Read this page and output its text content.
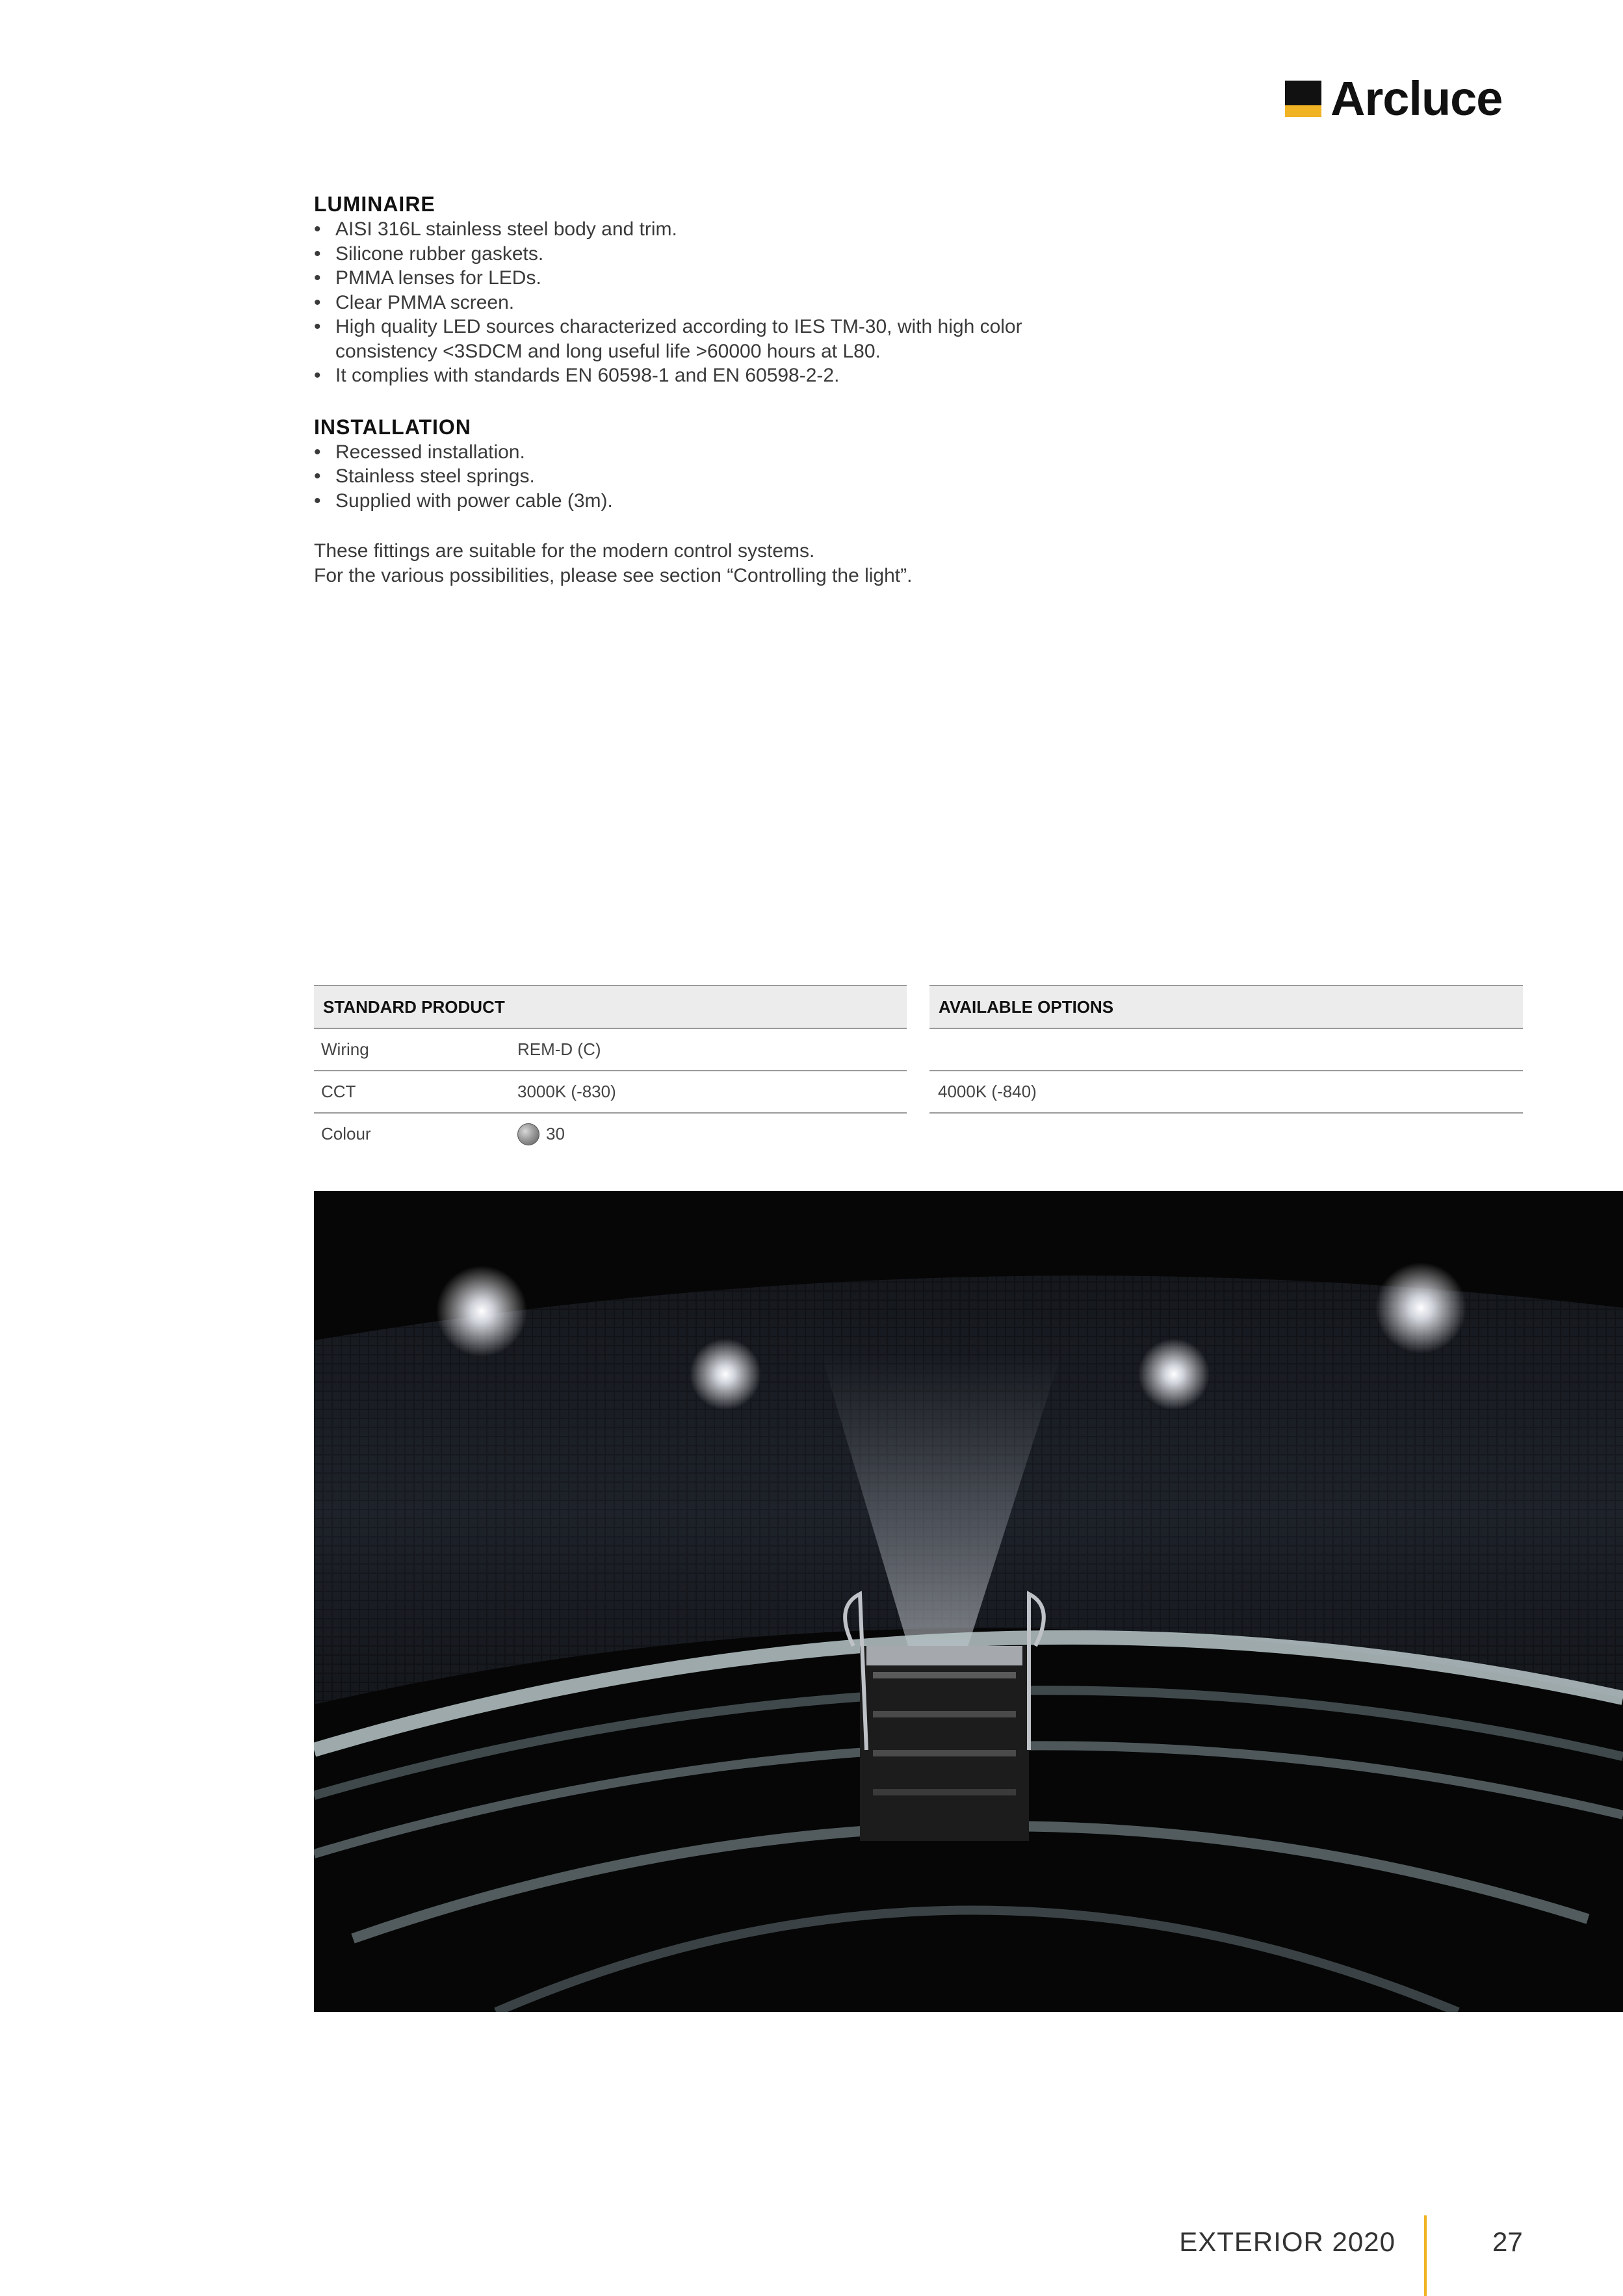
Arcluce
LUMINAIRE
• AISI 316L stainless steel body and trim.
• Silicone rubber gaskets.
• PMMA lenses for LEDs.
• Clear PMMA screen.
• High quality LED sources characterized according to IES TM-30, with high color consistency <3SDCM and long useful life >60000 hours at L80.
• It complies with standards EN 60598-1 and EN 60598-2-2.
INSTALLATION
• Recessed installation.
• Stainless steel springs.
• Supplied with power cable (3m).

These fittings are suitable for the modern control systems.

For the various possibilities, please see section “Controlling the light”.

STANDARD PRODUCT
Wiring	REM-D (C)
CCT	3000K (-830)
Colour	30
AVAILABLE OPTIONS
4000K (-840)
EXTERIOR 2020	27
